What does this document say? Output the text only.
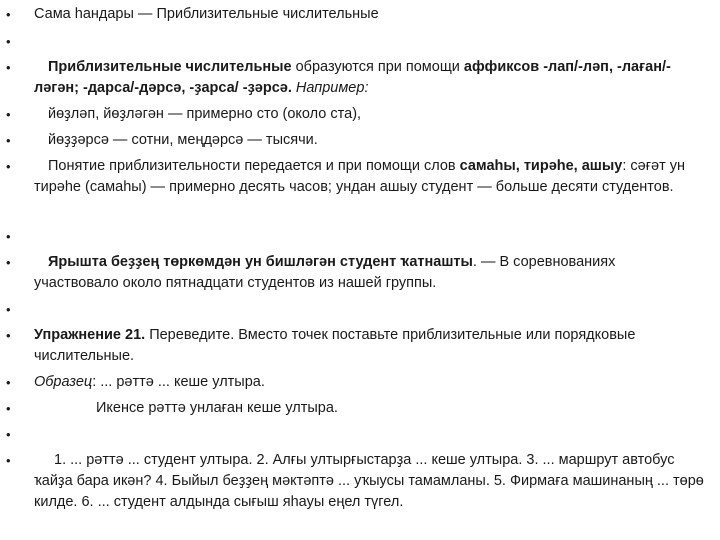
•	Сама һандары — Приблизительные числительные
•
•	Приблизительные числительные образуются при помощи аффиксов -лап/-ләп, -лаған/-ләгән; -дарса/-дәрсә, -ҙарса/ -ҙәрсә. Например:
•	йөҙләп, йөҙләгән — примерно сто (около ста),
•	йөҙҙәрсә — сотни, меңдәрсә — тысячи.
•	Понятие приблизительности передается и при помощи слов самаһы, тирәһе, ашыу: сәғәт ун тирәһе (самаһы) — примерно десять часов; ундан ашыу студент — больше десяти студентов.
•
•	Ярышта беҙҙең төркөмдән ун бишләгән студент ҡатнашты. — В соревнованиях участвовало около пятнадцати студентов из нашей группы.
•
•	Упражнение 21. Переведите. Вместо точек поставьте приблизительные или порядковые числительные.
•	Образец: ... рәттә ... кеше ултыра.
•	Икенсе рәттә унлаған кеше ултыра.
•
•	1. ... рәттә ... студент ултыра. 2. Алғы ултырғыстарҙа ... кеше ултыра. 3. ... маршрут автобус ҡайҙа бара икән? 4. Быйыл беҙҙең мәктәптә ... уҡыусы тамамланы. 5. Фирмаға машинаның ... төрө килде. 6. ... студент алдында сығыш яһауы еңел түгел.
